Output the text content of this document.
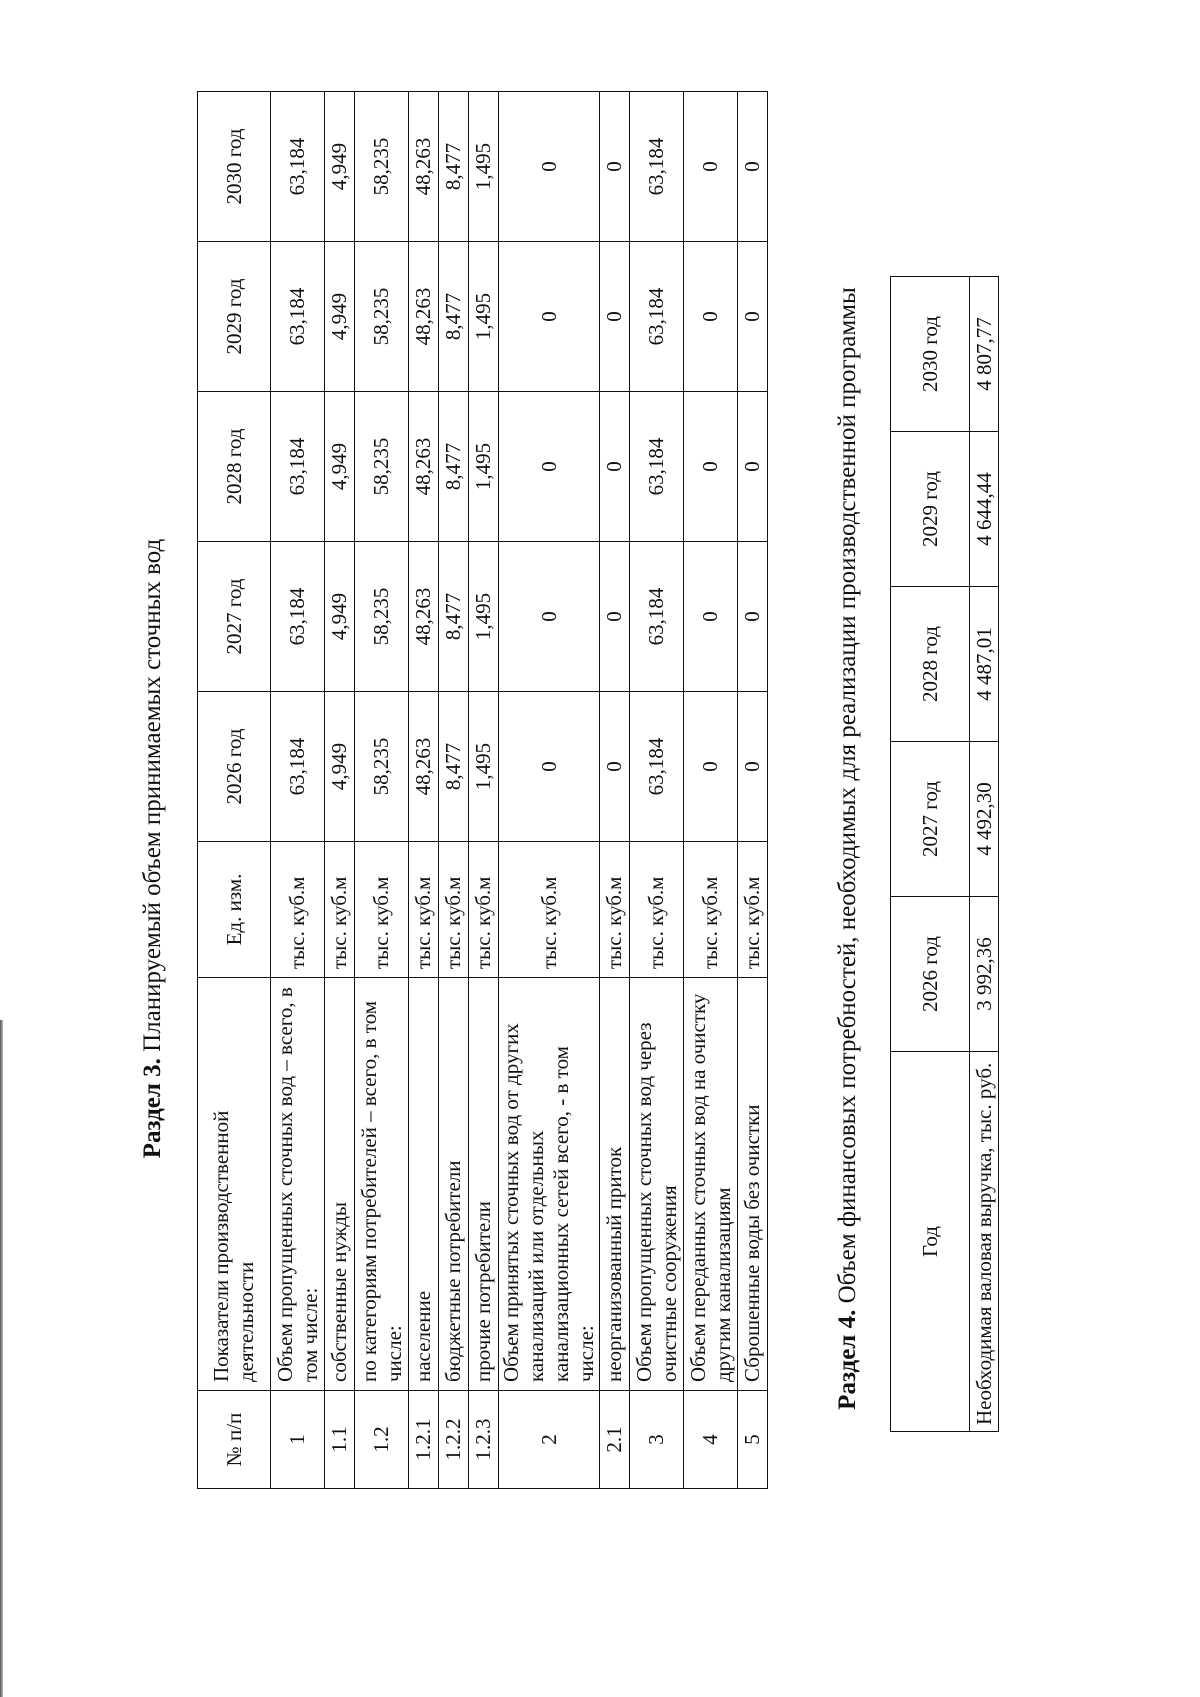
Раздел 3. Планируемый объем принимаемых сточных вод
№ п/п	Показатели производственной деятельности	Ед. изм.	2026 год	2027 год	2028 год	2029 год	2030 год
1	Объем пропущенных сточных вод – всего, в том числе:	тыс. куб.м	63,184	63,184	63,184	63,184	63,184
1.1	собственные нужды	тыс. куб.м	4,949	4,949	4,949	4,949	4,949
1.2	по категориям потребителей – всего, в том числе:	тыс. куб.м	58,235	58,235	58,235	58,235	58,235
1.2.1	население	тыс. куб.м	48,263	48,263	48,263	48,263	48,263
1.2.2	бюджетные потребители	тыс. куб.м	8,477	8,477	8,477	8,477	8,477
1.2.3	прочие потребители	тыс. куб.м	1,495	1,495	1,495	1,495	1,495
2	Объем принятых сточных вод от других канализаций или отдельных канализационных сетей всего, - в том числе:	тыс. куб.м	0	0	0	0	0
2.1	неорганизованный приток	тыс. куб.м	0	0	0	0	0
3	Объем пропущенных сточных вод через очистные сооружения	тыс. куб.м	63,184	63,184	63,184	63,184	63,184
4	Объем переданных сточных вод на очистку другим канализациям	тыс. куб.м	0	0	0	0	0
5	Сброшенные воды без очистки	тыс. куб.м	0	0	0	0	0
Раздел 4. Объем финансовых потребностей, необходимых для реализации производственной программы	Год	2026 год	2027 год	2028 год	2029 год	2030 год
Необходимая валовая выручка, тыс. руб.	3 992,36	4 492,30	4 487,01	4 644,44	4 807,77
